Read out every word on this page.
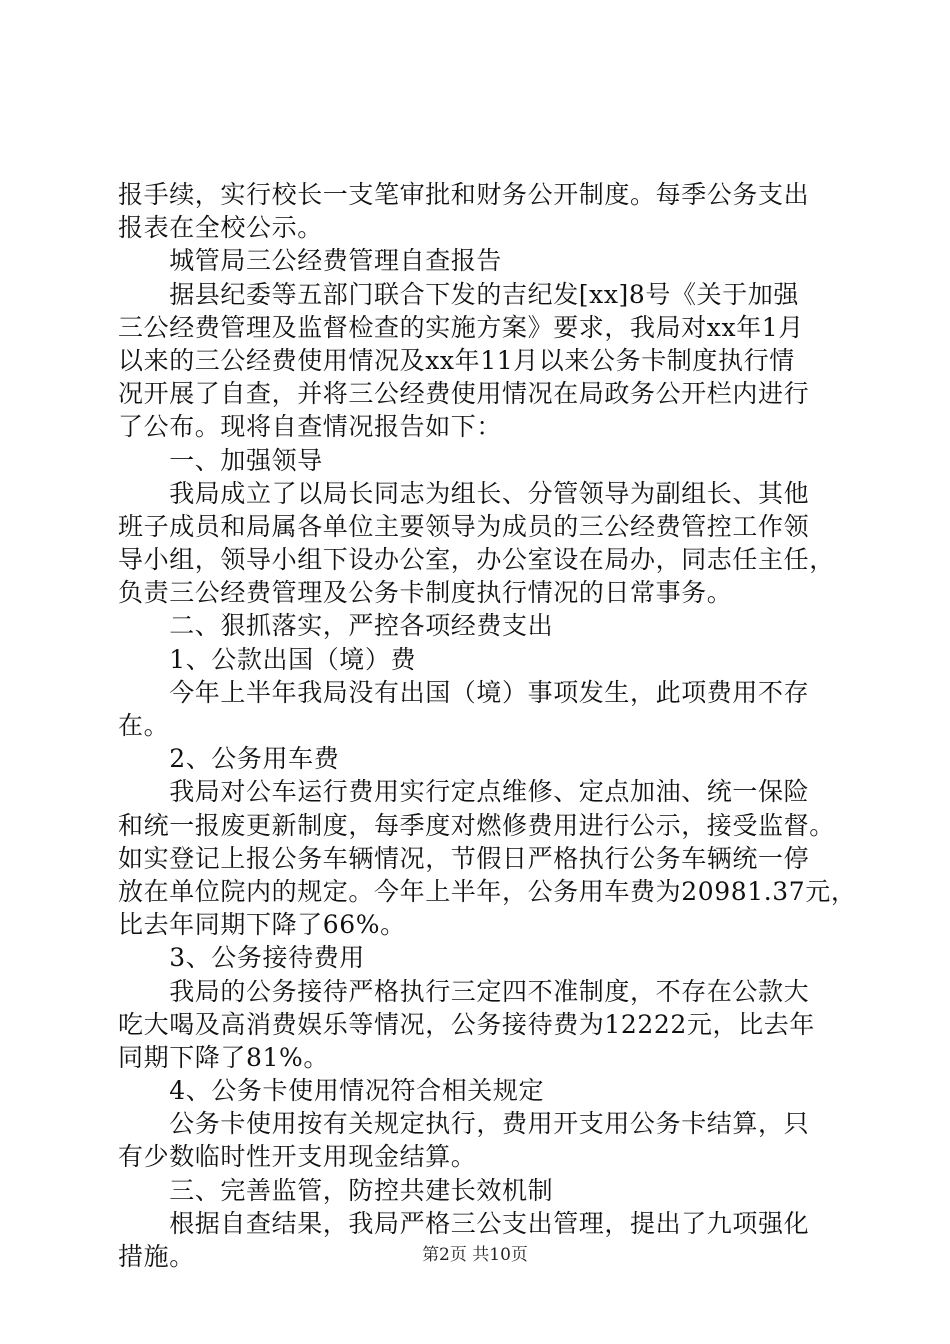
报手续，实行校长一支笔审批和财务公开制度。每季公务支出
报表在全校公示。
　　城管局三公经费管理自查报告
　　据县纪委等五部门联合下发的吉纪发[xx]8号《关于加强
三公经费管理及监督检查的实施方案》要求，我局对xx年1月
以来的三公经费使用情况及xx年11月以来公务卡制度执行情
况开展了自查，并将三公经费使用情况在局政务公开栏内进行
了公布。现将自查情况报告如下：
　　一、加强领导
　　我局成立了以局长同志为组长、分管领导为副组长、其他
班子成员和局属各单位主要领导为成员的三公经费管控工作领
导小组，领导小组下设办公室，办公室设在局办，同志任主任，
负责三公经费管理及公务卡制度执行情况的日常事务。
　　二、狠抓落实，严控各项经费支出
　　1、公款出国（境）费
　　今年上半年我局没有出国（境）事项发生，此项费用不存
在。
　　2、公务用车费
　　我局对公车运行费用实行定点维修、定点加油、统一保险
和统一报废更新制度，每季度对燃修费用进行公示，接受监督。
如实登记上报公务车辆情况，节假日严格执行公务车辆统一停
放在单位院内的规定。今年上半年，公务用车费为20981.37元，
比去年同期下降了66%。
　　3、公务接待费用
　　我局的公务接待严格执行三定四不准制度，不存在公款大
吃大喝及高消费娱乐等情况，公务接待费为12222元，比去年
同期下降了81%。
　　4、公务卡使用情况符合相关规定
　　公务卡使用按有关规定执行，费用开支用公务卡结算，只
有少数临时性开支用现金结算。
　　三、完善监管，防控共建长效机制
　　根据自查结果，我局严格三公支出管理，提出了九项强化
措施。	第2页 共10页
